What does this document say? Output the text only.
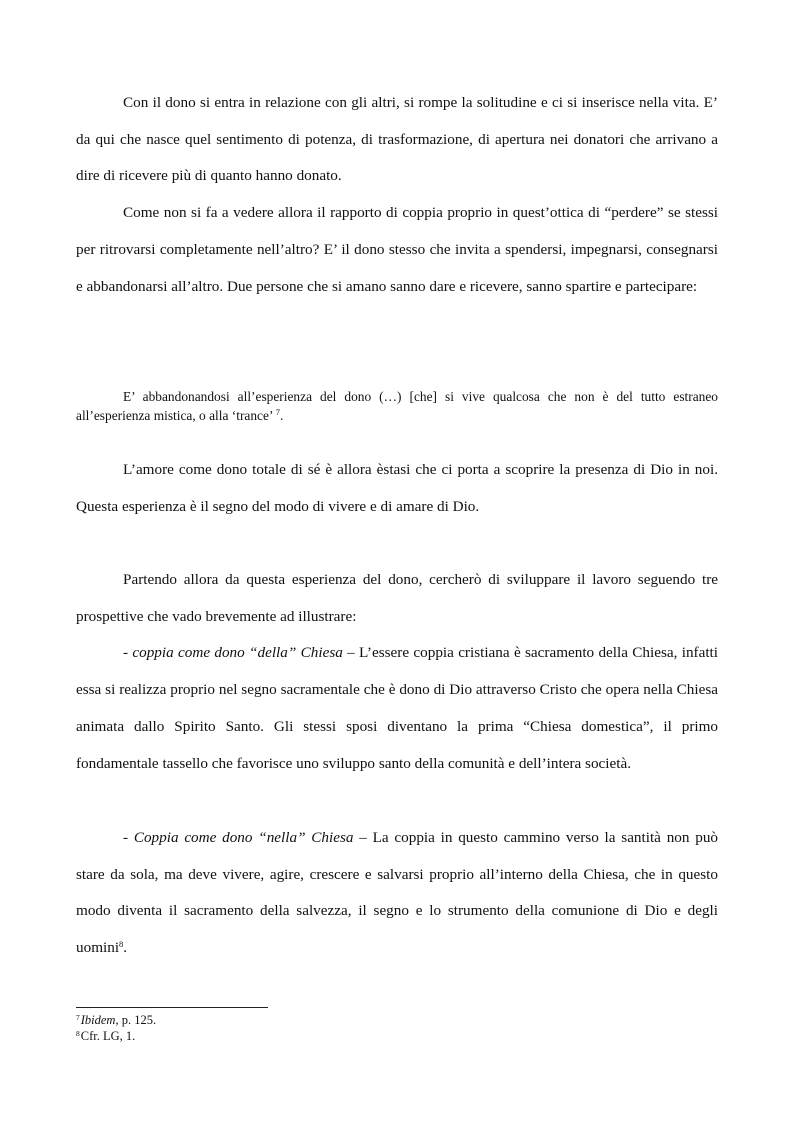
Con il dono si entra in relazione con gli altri, si rompe la solitudine e ci si inserisce nella vita. E’ da qui che nasce quel sentimento di potenza, di trasformazione, di apertura nei donatori che arrivano a dire di ricevere più di quanto hanno donato.

Come non si fa a vedere allora il rapporto di coppia proprio in quest’ottica di “perdere” se stessi per ritrovarsi completamente nell’altro? E’ il dono stesso che invita a spendersi, impegnarsi, consegnarsi e abbandonarsi all’altro. Due persone che si amano sanno dare e ricevere, sanno spartire e partecipare:

E’ abbandonandosi all’esperienza del dono (…) [che] si vive qualcosa che non è del tutto estraneo all’esperienza mistica, o alla ‘trance’ $^7$.

L’amore come dono totale di sé è allora èstasi che ci porta a scoprire la presenza di Dio in noi. Questa esperienza è il segno del modo di vivere e di amare di Dio.

Partendo allora da questa esperienza del dono, cercherò di sviluppare il lavoro seguendo tre prospettive che vado brevemente ad illustrare:

- coppia come dono “della” Chiesa – L’essere coppia cristiana è sacramento della Chiesa, infatti essa si realizza proprio nel segno sacramentale che è dono di Dio attraverso Cristo che opera nella Chiesa animata dallo Spirito Santo. Gli stessi sposi diventano la prima “Chiesa domestica”, il primo fondamentale tassello che favorisce uno sviluppo santo della comunità e dell’intera società.

- Coppia come dono “nella” Chiesa – La coppia in questo cammino verso la santità non può stare da sola, ma deve vivere, agire, crescere e salvarsi proprio all’interno della Chiesa, che in questo modo diventa il sacramento della salvezza, il segno e lo strumento della comunione di Dio e degli uomini$^8$.

$^7$Ibidem, p. 125.
$^8$Cfr. LG, 1.
